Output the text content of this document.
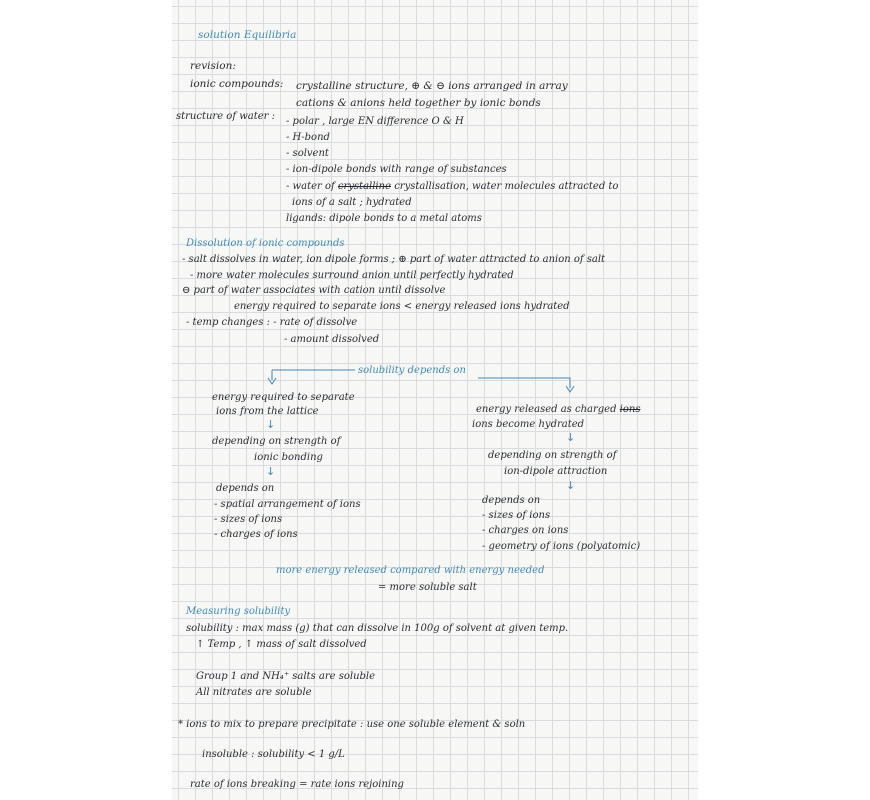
solution Equilibria
revision:
ionic compounds: crystalline structure, ⊕ & ⊖ ions arranged in array
cations & anions held together by ionic bonds
structure of water : - polar , large EN difference O & H
- H-bond
- solvent
- ion-dipole bonds with range of substances
- water of crystalline crystallisation, water molecules attracted to
ions of a salt ; hydrated
ligands: dipole bonds to a metal atoms
Dissolution of ionic compounds
- salt dissolves in water, ion dipole forms ; ⊕ part of water attracted to anion of salt
- more water molecules surround anion until perfectly hydrated
⊖ part of water associates with cation until dissolve
energy required to separate ions < energy released ions hydrated
- temp changes : - rate of dissolve
- amount dissolved
solubility depends on
energy required to separate
ions from the lattice
↓
depending on strength of
ionic bonding
↓
depends on
- spatial arrangement of ions
- sizes of ions
- charges of ions
energy released as charged ions
ions become hydrated
↓
depending on strength of
ion-dipole attraction
↓
depends on
- sizes of ions
- charges on ions
- geometry of ions (polyatomic)
more energy released compared with energy needed
= more soluble salt
Measuring solubility
solubility : max mass (g) that can dissolve in 100g of solvent at given temp.
↑ Temp , ↑ mass of salt dissolved
Group 1 and NH₄⁺ salts are soluble
All nitrates are soluble
* ions to mix to prepare precipitate : use one soluble element & soln
insoluble : solubility < 1 g/L
rate of ions breaking = rate ions rejoining
